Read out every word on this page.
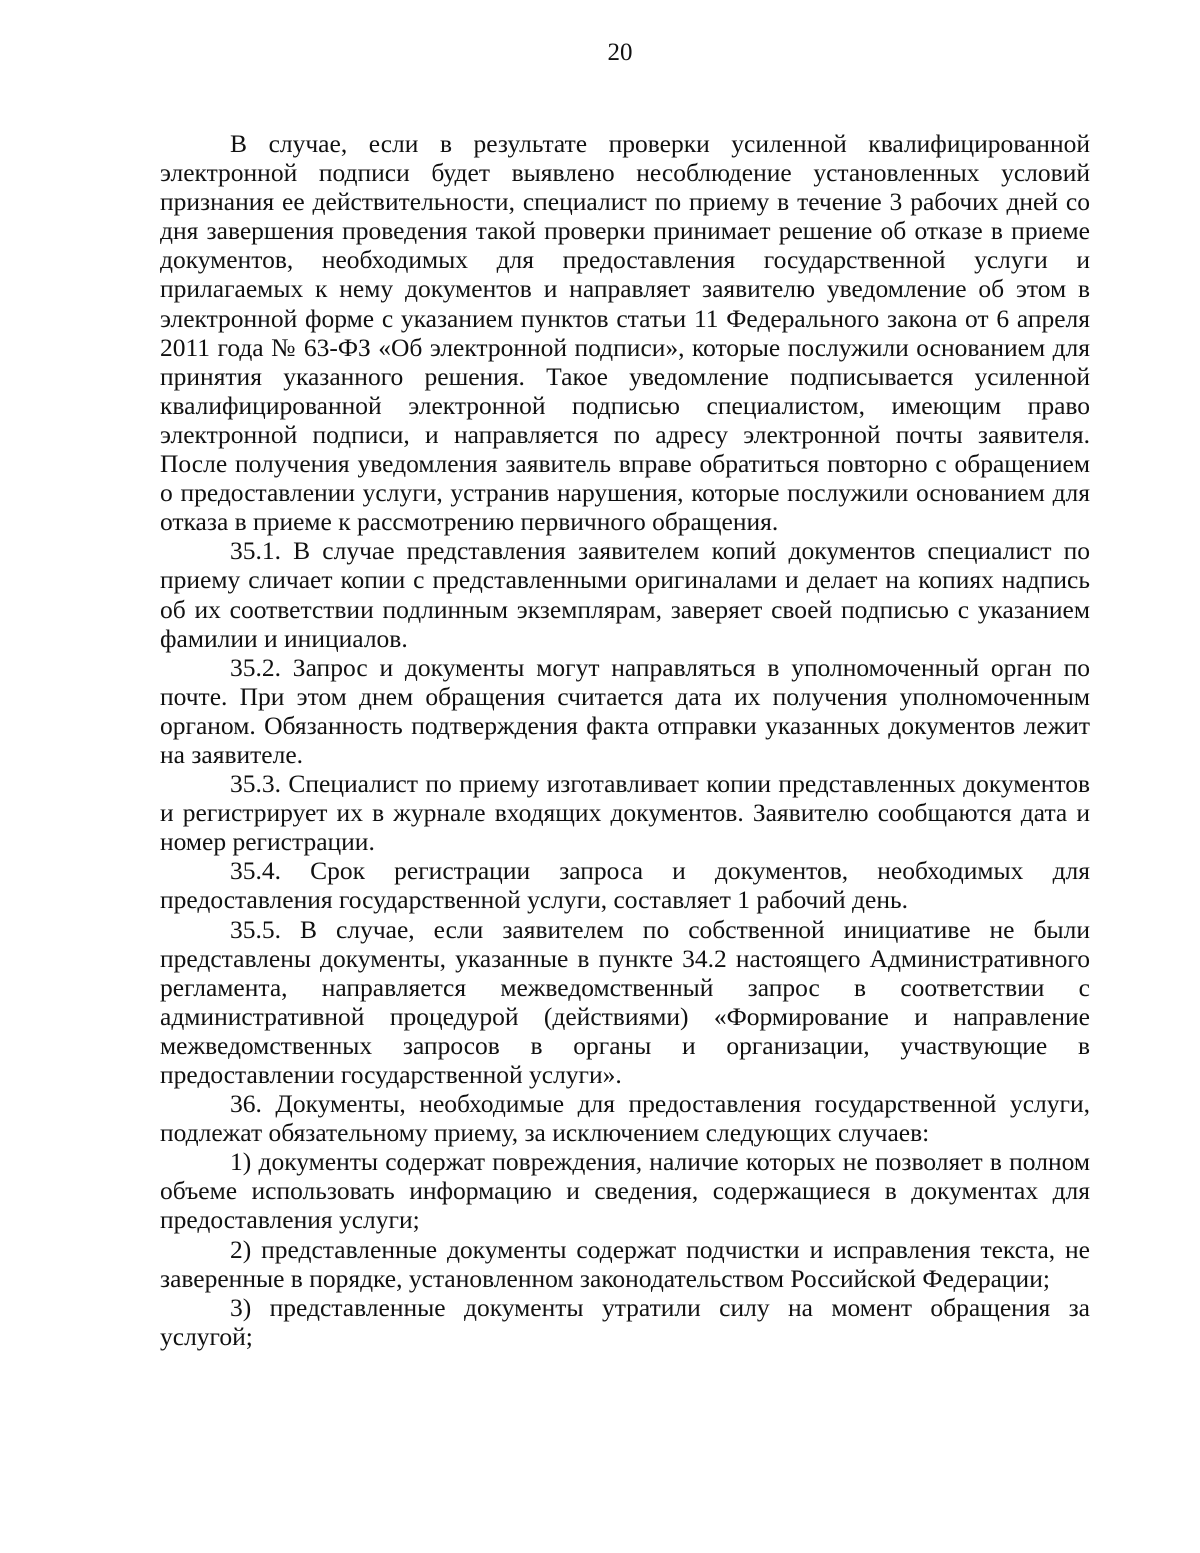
20

В случае, если в результате проверки усиленной квалифицированной электронной подписи будет выявлено несоблюдение установленных условий признания ее действительности, специалист по приему в течение 3 рабочих дней со дня завершения проведения такой проверки принимает решение об отказе в приеме документов, необходимых для предоставления государственной услуги и прилагаемых к нему документов и направляет заявителю уведомление об этом в электронной форме с указанием пунктов статьи 11 Федерального закона от 6 апреля 2011 года № 63-ФЗ «Об электронной подписи», которые послужили основанием для принятия указанного решения. Такое уведомление подписывается усиленной квалифицированной электронной подписью специалистом, имеющим право электронной подписи, и направляется по адресу электронной почты заявителя. После получения уведомления заявитель вправе обратиться повторно с обращением о предоставлении услуги, устранив нарушения, которые послужили основанием для отказа в приеме к рассмотрению первичного обращения.

35.1. В случае представления заявителем копий документов специалист по приему сличает копии с представленными оригиналами и делает на копиях надпись об их соответствии подлинным экземплярам, заверяет своей подписью с указанием фамилии и инициалов.

35.2. Запрос и документы могут направляться в уполномоченный орган по почте. При этом днем обращения считается дата их получения уполномоченным органом. Обязанность подтверждения факта отправки указанных документов лежит на заявителе.

35.3. Специалист по приему изготавливает копии представленных документов и регистрирует их в журнале входящих документов. Заявителю сообщаются дата и номер регистрации.

35.4. Срок регистрации запроса и документов, необходимых для предоставления государственной услуги, составляет 1 рабочий день.

35.5. В случае, если заявителем по собственной инициативе не были представлены документы, указанные в пункте 34.2 настоящего Административного регламента, направляется межведомственный запрос в соответствии с административной процедурой (действиями) «Формирование и направление межведомственных запросов в органы и организации, участвующие в предоставлении государственной услуги».

36. Документы, необходимые для предоставления государственной услуги, подлежат обязательному приему, за исключением следующих случаев:

1) документы содержат повреждения, наличие которых не позволяет в полном объеме использовать информацию и сведения, содержащиеся в документах для предоставления услуги;

2) представленные документы содержат подчистки и исправления текста, не заверенные в порядке, установленном законодательством Российской Федерации;

3) представленные документы утратили силу на момент обращения за услугой;
